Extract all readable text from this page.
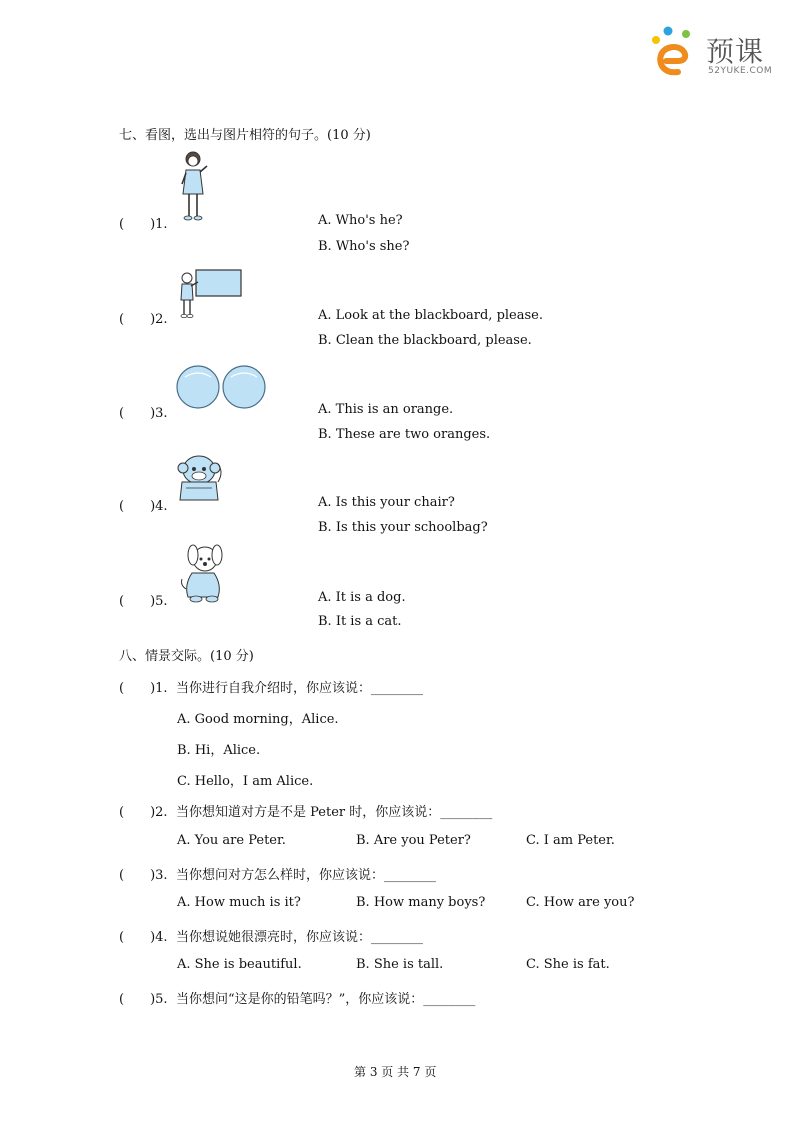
预课
52YUKE.COM
七、看图，选出与图片相符的句子。(10 分)
(　　)1.	A. Who's he?
B. Who's she?
(　　)2.	A. Look at the blackboard, please.
B. Clean the blackboard, please.
(　　)3.	A. This is an orange.
B. These are two oranges.
(　　)4.	A. Is this your chair?
B. Is this your schoolbag?
(　　)5.	A. It is a dog.
B. It is a cat.
八、情景交际。(10 分)
(　　)1. 当你进行自我介绍时，你应该说：________
A. Good morning，Alice.
B. Hi，Alice.
C. Hello，I am Alice.
(　　)2. 当你想知道对方是不是 Peter 时，你应该说：________
A. You are Peter.	B. Are you Peter?	C. I am Peter.
(　　)3. 当你想问对方怎么样时，你应该说：________
A. How much is it?	B. How many boys?	C. How are you?
(　　)4. 当你想说她很漂亮时，你应该说：________
A. She is beautiful.	B. She is tall.	C. She is fat.
(　　)5. 当你想问“这是你的铅笔吗？”，你应该说：________
第 3 页 共 7 页
